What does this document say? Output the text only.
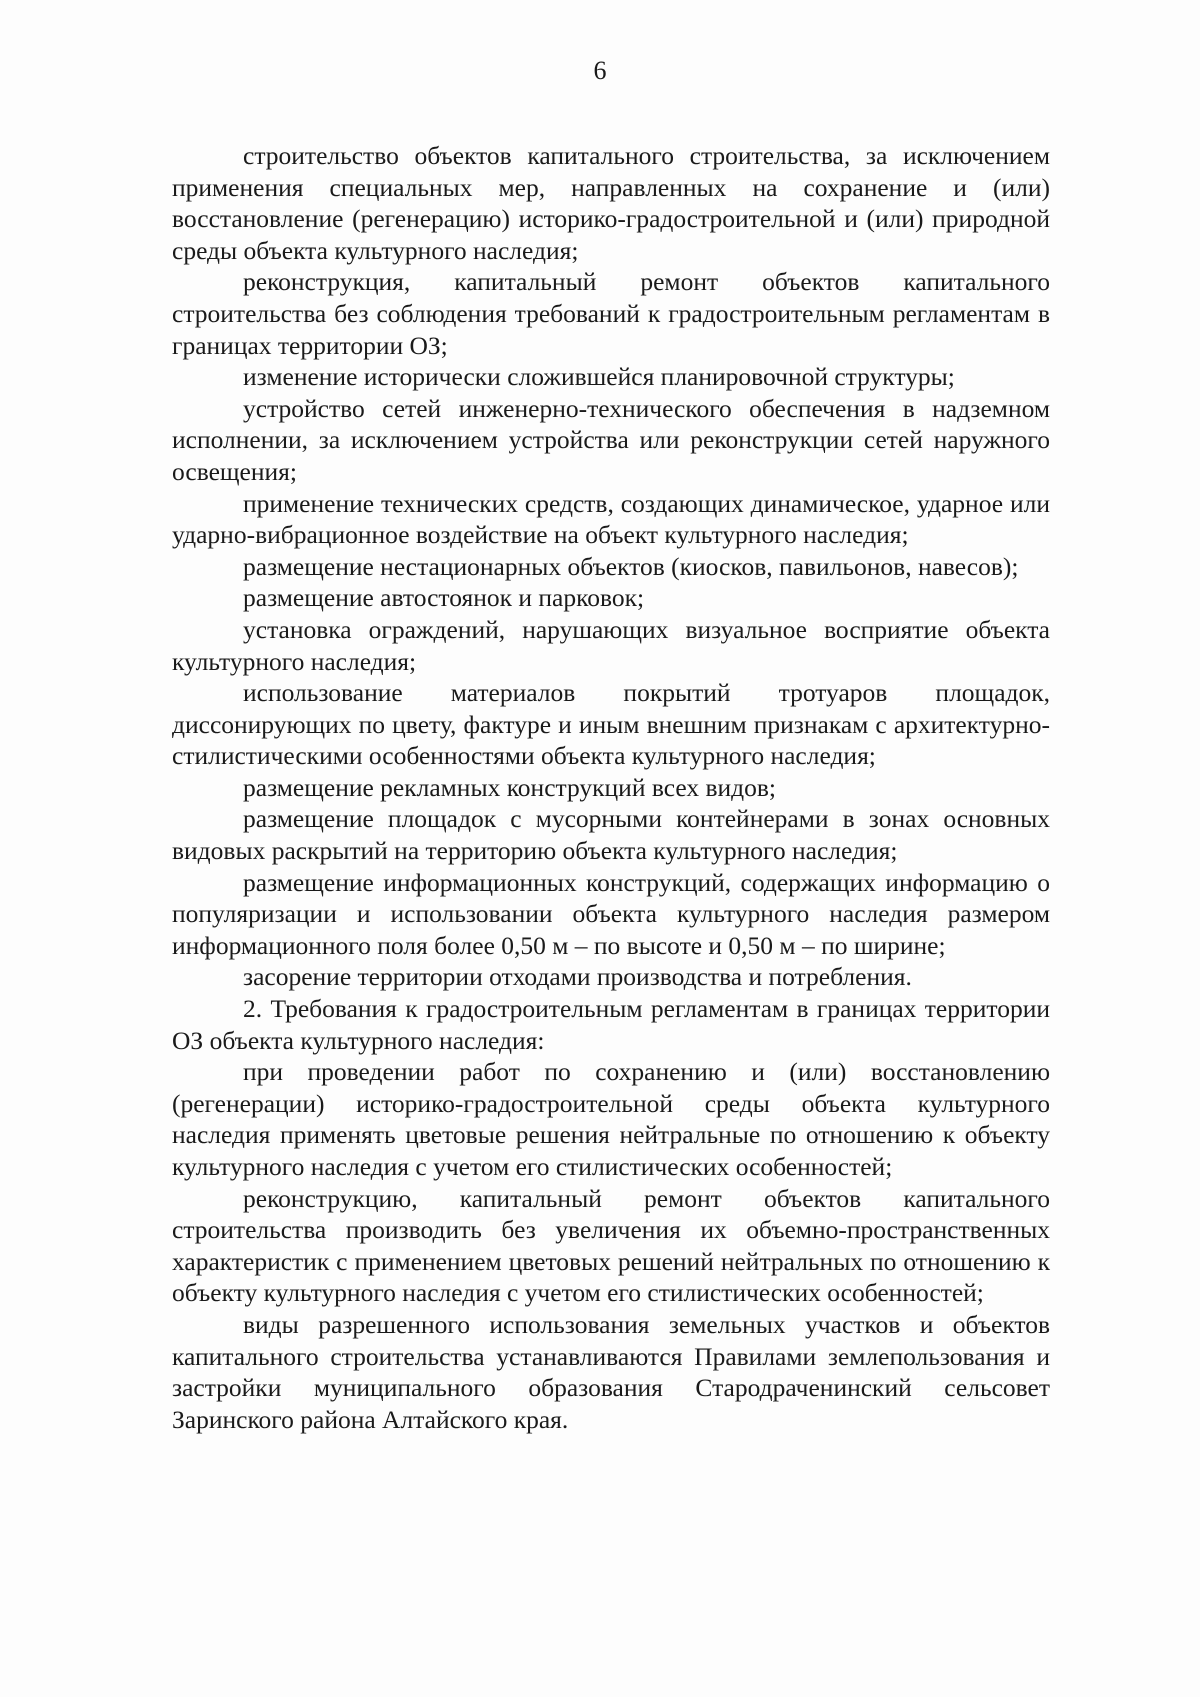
6

строительство объектов капитального строительства, за исключением применения специальных мер, направленных на сохранение и (или) восстановление (регенерацию) историко-градостроительной и (или) природной среды объекта культурного наследия;

реконструкция, капитальный ремонт объектов капитального строительства без соблюдения требований к градостроительным регламентам в границах территории ОЗ;

изменение исторически сложившейся планировочной структуры;

устройство сетей инженерно-технического обеспечения в надземном исполнении, за исключением устройства или реконструкции сетей наружного освещения;

применение технических средств, создающих динамическое, ударное или ударно-вибрационное воздействие на объект культурного наследия;

размещение нестационарных объектов (киосков, павильонов, навесов);

размещение автостоянок и парковок;

установка ограждений, нарушающих визуальное восприятие объекта культурного наследия;

использование материалов покрытий тротуаров площадок, диссонирующих по цвету, фактуре и иным внешним признакам с архитектурно-стилистическими особенностями объекта культурного наследия;

размещение рекламных конструкций всех видов;

размещение площадок с мусорными контейнерами в зонах основных видовых раскрытий на территорию объекта культурного наследия;

размещение информационных конструкций, содержащих информацию о популяризации и использовании объекта культурного наследия размером информационного поля более 0,50 м – по высоте и 0,50 м – по ширине;

засорение территории отходами производства и потребления.

2. Требования к градостроительным регламентам в границах территории ОЗ объекта культурного наследия:

при проведении работ по сохранению и (или) восстановлению (регенерации) историко-градостроительной среды объекта культурного наследия применять цветовые решения нейтральные по отношению к объекту культурного наследия с учетом его стилистических особенностей;

реконструкцию, капитальный ремонт объектов капитального строительства производить без увеличения их объемно-пространственных характеристик с применением цветовых решений нейтральных по отношению к объекту культурного наследия с учетом его стилистических особенностей;

виды разрешенного использования земельных участков и объектов капитального строительства устанавливаются Правилами землепользования и застройки муниципального образования Стародраченинский сельсовет Заринского района Алтайского края.
